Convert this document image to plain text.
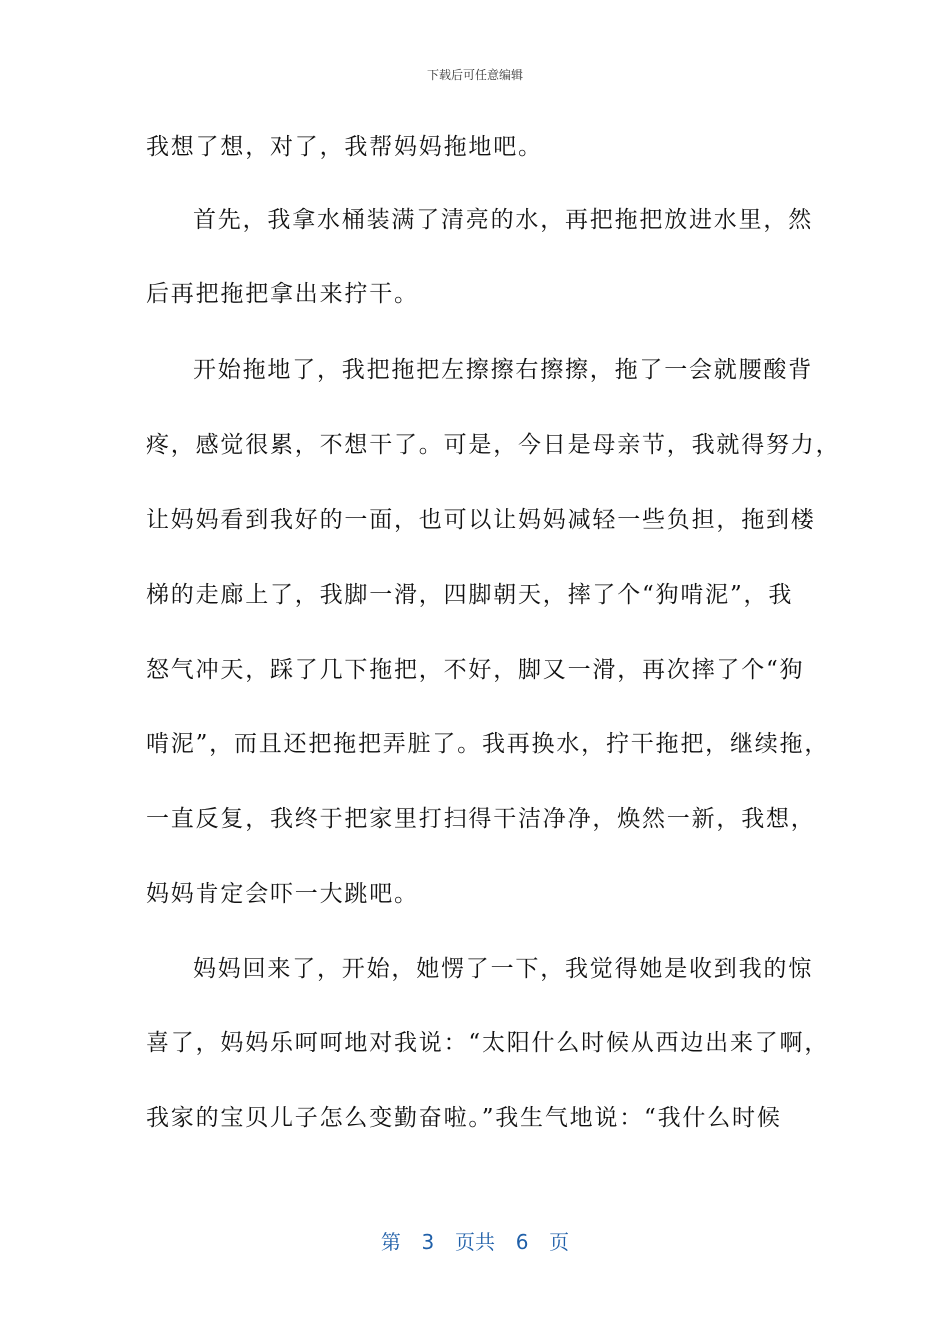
下载后可任意编辑
我想了想，对了，我帮妈妈拖地吧。
首先，我拿水桶装满了清亮的水，再把拖把放进水里，然
后再把拖把拿出来拧干。
开始拖地了，我把拖把左擦擦右擦擦，拖了一会就腰酸背
疼，感觉很累，不想干了。可是，今日是母亲节，我就得努力，
让妈妈看到我好的一面，也可以让妈妈减轻一些负担，拖到楼
梯的走廊上了，我脚一滑，四脚朝天，摔了个“狗啃泥”，我
怒气冲天，踩了几下拖把，不好，脚又一滑，再次摔了个“狗
啃泥”，而且还把拖把弄脏了。我再换水，拧干拖把，继续拖，
一直反复，我终于把家里打扫得干洁净净，焕然一新，我想，
妈妈肯定会吓一大跳吧。
妈妈回来了，开始，她愣了一下，我觉得她是收到我的惊
喜了，妈妈乐呵呵地对我说：“太阳什么时候从西边出来了啊，
我家的宝贝儿子怎么变勤奋啦。”我生气地说：“我什么时候
第  3  页共  6  页
